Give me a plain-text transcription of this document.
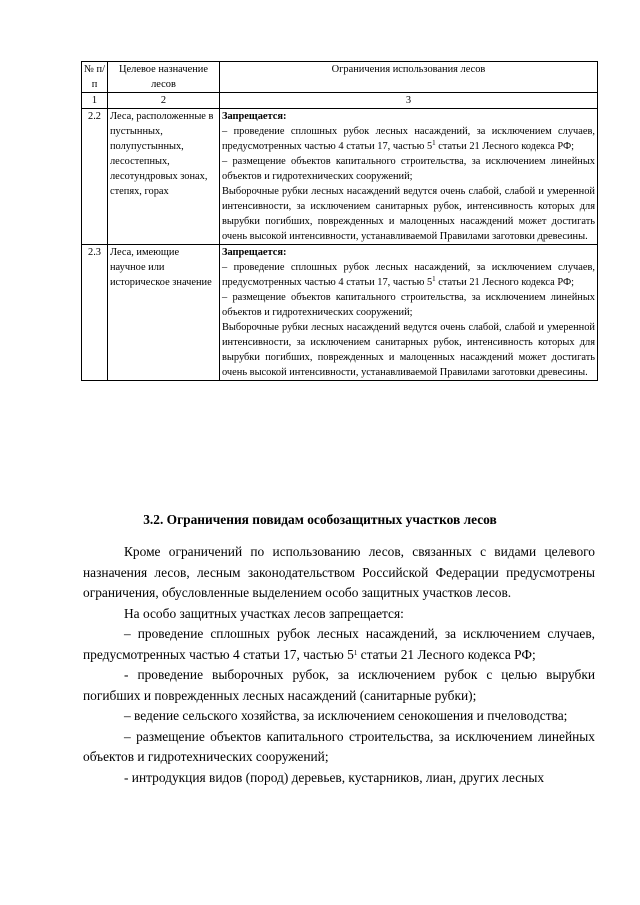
№ п/п	Целевое назначение лесов	Ограничения использования лесов
1	2	3
2.2	Леса, расположенные в пустынных, полупустынных, лесостепных, лесотундровых зонах, степях, горах	Запрещается:
– проведение сплошных рубок лесных насаждений, за исключением случаев, предусмотренных частью 4 статьи 17, частью $5^1$ статьи 21 Лесного кодекса РФ;
– размещение объектов капитального строительства, за исключением линейных объектов и гидротехнических сооружений;
Выборочные рубки лесных насаждений ведутся очень слабой, слабой и умеренной интенсивности, за исключением санитарных рубок, интенсивность которых для вырубки погибших, поврежденных и малоценных насаждений может достигать очень высокой интенсивности, устанавливаемой Правилами заготовки древесины.

2.3	Леса, имеющие научное или историческое значение	Запрещается:
– проведение сплошных рубок лесных насаждений, за исключением случаев, предусмотренных частью 4 статьи 17, частью $5^1$ статьи 21 Лесного кодекса РФ;
– размещение объектов капитального строительства, за исключением линейных объектов и гидротехнических сооружений;
Выборочные рубки лесных насаждений ведутся очень слабой, слабой и умеренной интенсивности, за исключением санитарных рубок, интенсивность которых для вырубки погибших, поврежденных и малоценных насаждений может достигать очень высокой интенсивности, устанавливаемой Правилами заготовки древесины.
3.2. Ограничения повидам особозащитных участков лесов

Кроме ограничений по использованию лесов, связанных с видами целевого назначения лесов, лесным законодательством Российской Федерации предусмотрены ограничения, обусловленные выделением особо защитных участков лесов.

На особо защитных участках лесов запрещается:

– проведение сплошных рубок лесных насаждений, за исключением случаев, предусмотренных частью 4 статьи 17, частью $5^1$ статьи 21 Лесного кодекса РФ;

- проведение выборочных рубок, за исключением рубок с целью вырубки погибших и поврежденных лесных насаждений (санитарные рубки);

– ведение сельского хозяйства, за исключением сенокошения и пчеловодства;

– размещение объектов капитального строительства, за исключением линейных объектов и гидротехнических сооружений;

- интродукция видов (пород) деревьев, кустарников, лиан, других лесных
